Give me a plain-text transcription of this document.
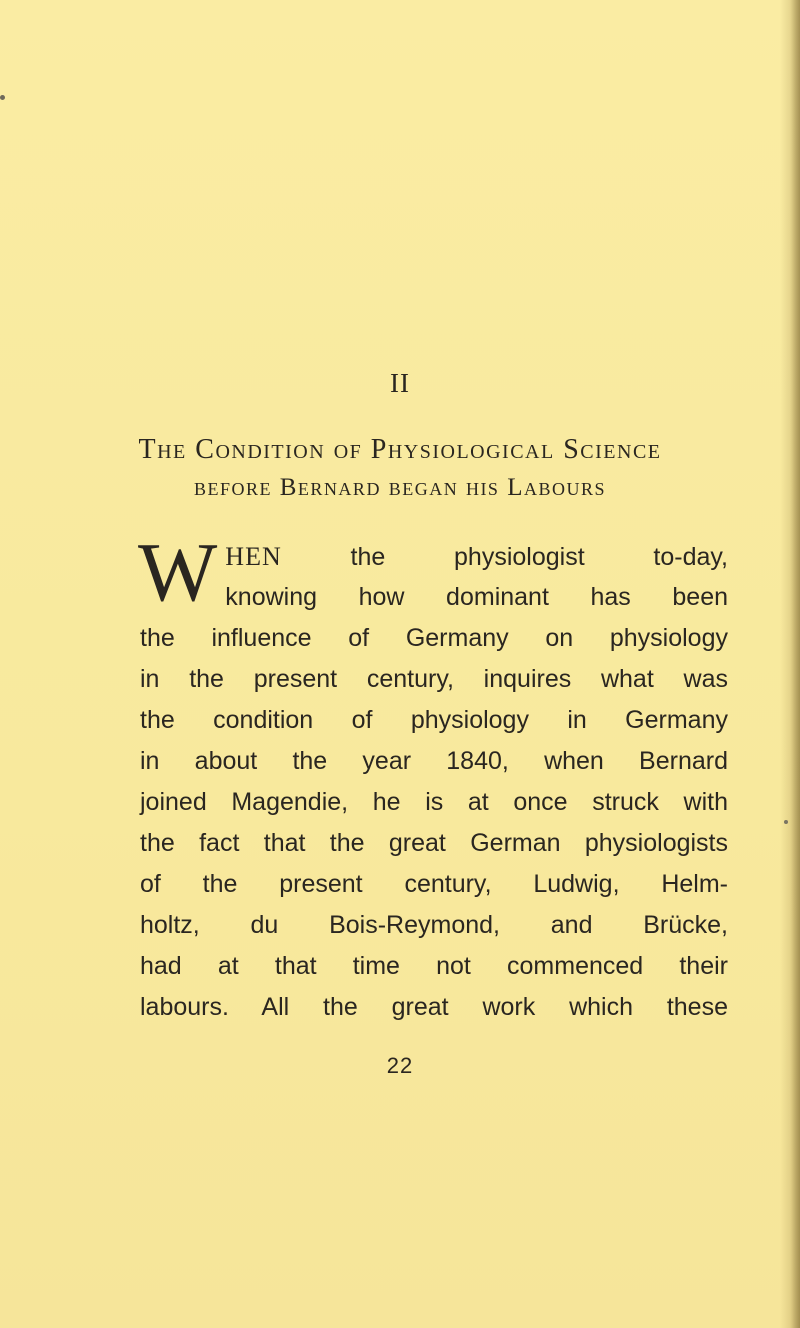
II
The Condition of Physiological Science
before Bernard began his Labours
W HEN the physiologist to-day,
knowing how dominant has been
the influence of Germany on physiology
in the present century, inquires what was
the condition of physiology in Germany
in about the year 1840, when Bernard
joined Magendie, he is at once struck with
the fact that the great German physiologists
of the present century, Ludwig, Helm-
holtz, du Bois-Reymond, and Brücke,
had at that time not commenced their
labours. All the great work which these
22
